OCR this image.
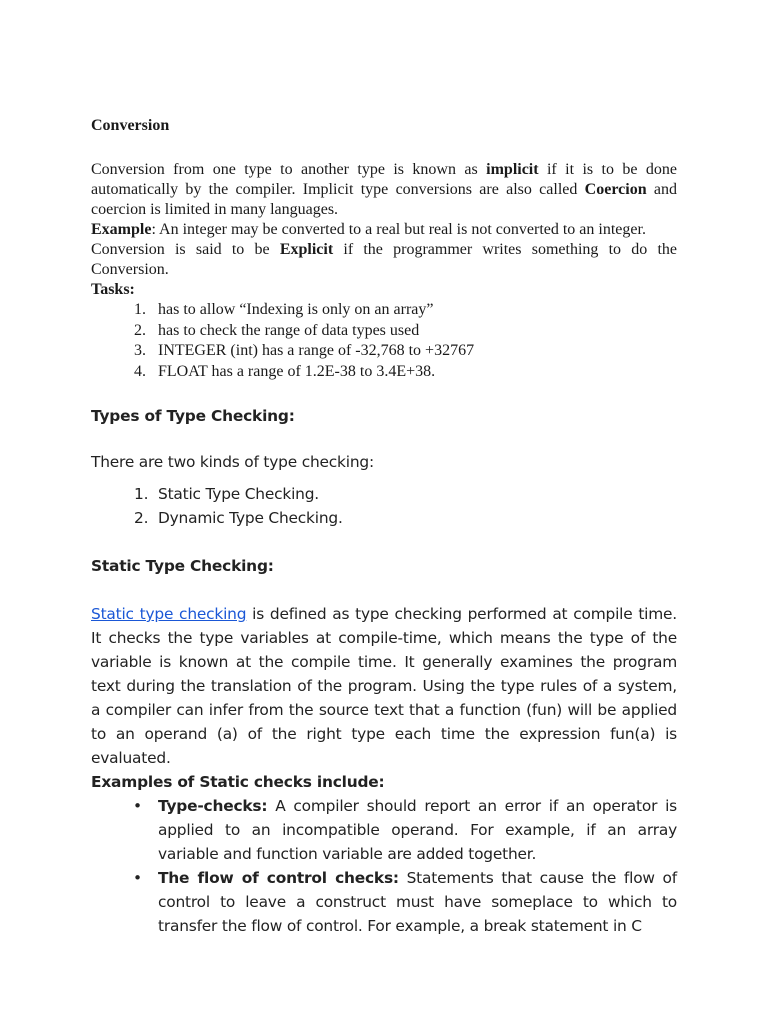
Conversion

Conversion from one type to another type is known as implicit if it is to be done automatically by the compiler. Implicit type conversions are also called Coercion and coercion is limited in many languages.

Example: An integer may be converted to a real but real is not converted to an integer.

Conversion is said to be Explicit if the programmer writes something to do the Conversion.

Tasks:

1. has to allow “Indexing is only on an array”
2. has to check the range of data types used
3. INTEGER (int) has a range of -32,768 to +32767
4. FLOAT has a range of 1.2E-38 to 3.4E+38.
Types of Type Checking:

There are two kinds of type checking:

1. Static Type Checking.
2. Dynamic Type Checking.
Static Type Checking:

Static type checking is defined as type checking performed at compile time. It checks the type variables at compile-time, which means the type of the variable is known at the compile time. It generally examines the program text during the translation of the program. Using the type rules of a system, a compiler can infer from the source text that a function (fun) will be applied to an operand (a) of the right type each time the expression fun(a) is evaluated.

Examples of Static checks include:

• Type-checks: A compiler should report an error if an operator is applied to an incompatible operand. For example, if an array variable and function variable are added together.
• The flow of control checks: Statements that cause the flow of control to leave a construct must have someplace to which to transfer the flow of control. For example, a break statement in C
